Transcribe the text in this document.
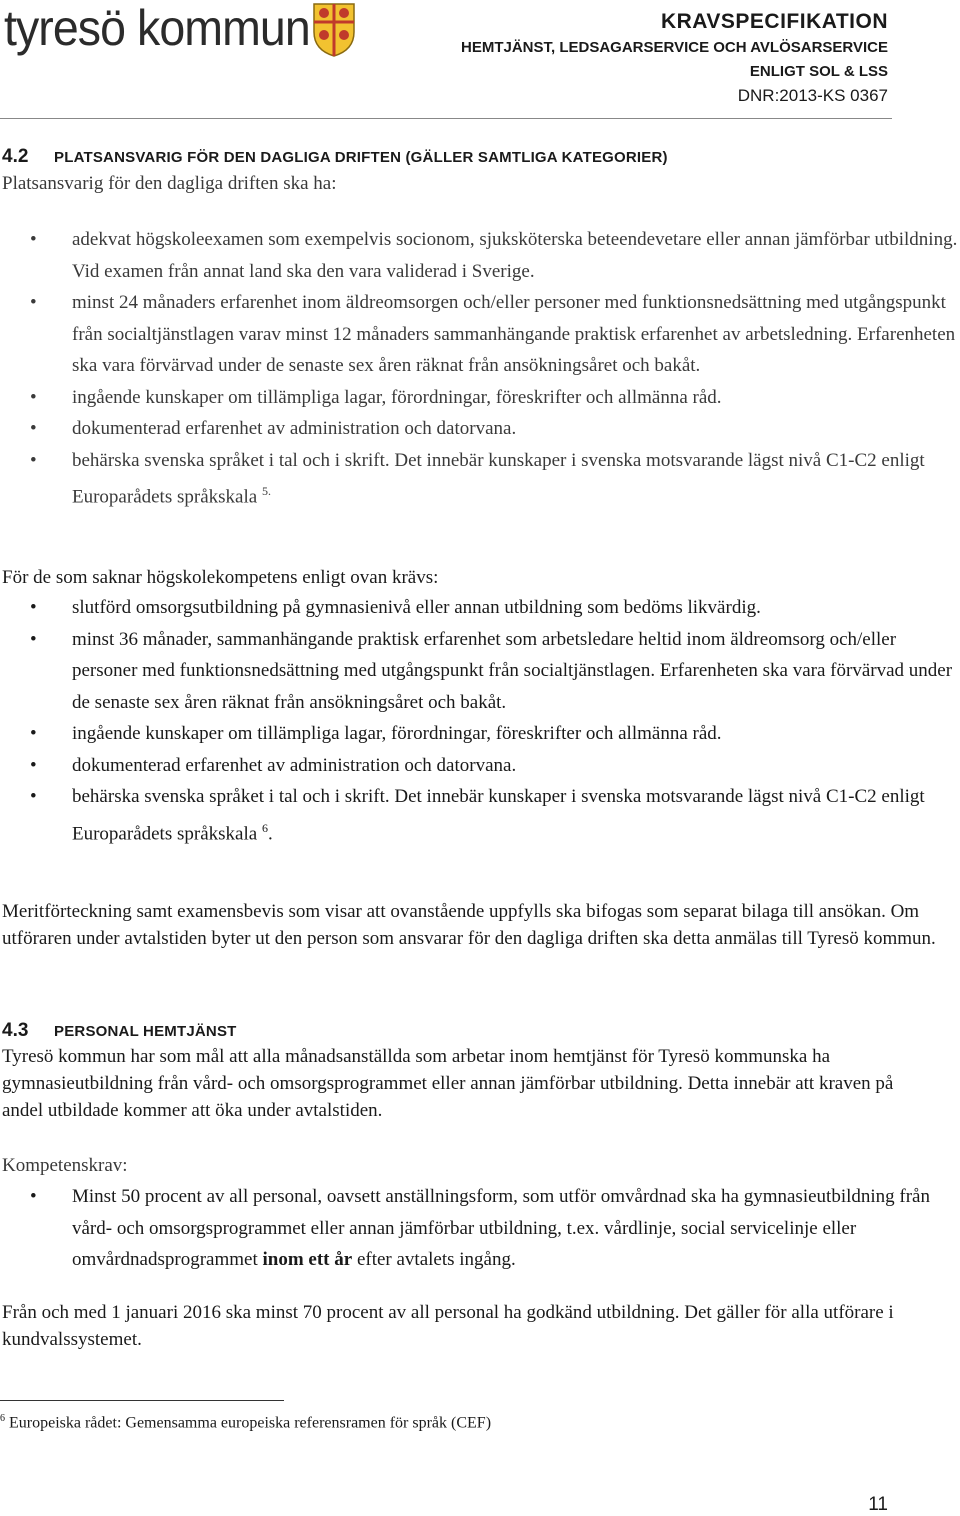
tyresö kommun	KRAVSPECIFIKATION
HEMTJÄNST, LEDSAGARSERVICE OCH AVLÖSARSERVICE
ENLIGT SOL & LSS
DNR:2013-KS 0367
4.2 PLATSANSVARIG FÖR DEN DAGLIGA DRIFTEN (GÄLLER SAMTLIGA KATEGORIER)
Platsansvarig för den dagliga driften ska ha:
• adekvat högskoleexamen som exempelvis socionom, sjuksköterska beteendevetare eller annan jämförbar utbildning. Vid examen från annat land ska den vara validerad i Sverige.
• minst 24 månaders erfarenhet inom äldreomsorgen och/eller personer med funktionsnedsättning med utgångspunkt från socialtjänstlagen varav minst 12 månaders sammanhängande praktisk erfarenhet av arbetsledning. Erfarenheten ska vara förvärvad under de senaste sex åren räknat från ansökningsåret och bakåt.
• ingående kunskaper om tillämpliga lagar, förordningar, föreskrifter och allmänna råd.
• dokumenterad erfarenhet av administration och datorvana.
• behärska svenska språket i tal och i skrift. Det innebär kunskaper i svenska motsvarande lägst nivå C1-C2 enligt Europarådets språkskala $^{5.}$
För de som saknar högskolekompetens enligt ovan krävs:
• slutförd omsorgsutbildning på gymnasienivå eller annan utbildning som bedöms likvärdig.
• minst 36 månader, sammanhängande praktisk erfarenhet som arbetsledare heltid inom äldreomsorg och/eller personer med funktionsnedsättning med utgångspunkt från socialtjänstlagen. Erfarenheten ska vara förvärvad under de senaste sex åren räknat från ansökningsåret och bakåt.
• ingående kunskaper om tillämpliga lagar, förordningar, föreskrifter och allmänna råd.
• dokumenterad erfarenhet av administration och datorvana.
• behärska svenska språket i tal och i skrift. Det innebär kunskaper i svenska motsvarande lägst nivå C1-C2 enligt Europarådets språkskala $^6$.
Meritförteckning samt examensbevis som visar att ovanstående uppfylls ska bifogas som separat bilaga till ansökan. Om utföraren under avtalstiden byter ut den person som ansvarar för den dagliga driften ska detta anmälas till Tyresö kommun.
4.3 PERSONAL HEMTJÄNST
Tyresö kommun har som mål att alla månadsanställda som arbetar inom hemtjänst för Tyresö kommunska ha gymnasieutbildning från vård- och omsorgsprogrammet eller annan jämförbar utbildning. Detta innebär att kraven på andel utbildade kommer att öka under avtalstiden.
Kompetenskrav:
• Minst 50 procent av all personal, oavsett anställningsform, som utför omvårdnad ska ha gymnasieutbildning från vård- och omsorgsprogrammet eller annan jämförbar utbildning, t.ex. vårdlinje, social servicelinje eller omvårdnadsprogrammet inom ett år efter avtalets ingång.
Från och med 1 januari 2016 ska minst 70 procent av all personal ha godkänd utbildning. Det gäller för alla utförare i kundvalssystemet.
$^6$ Europeiska rådet: Gemensamma europeiska referensramen för språk (CEF)
11
